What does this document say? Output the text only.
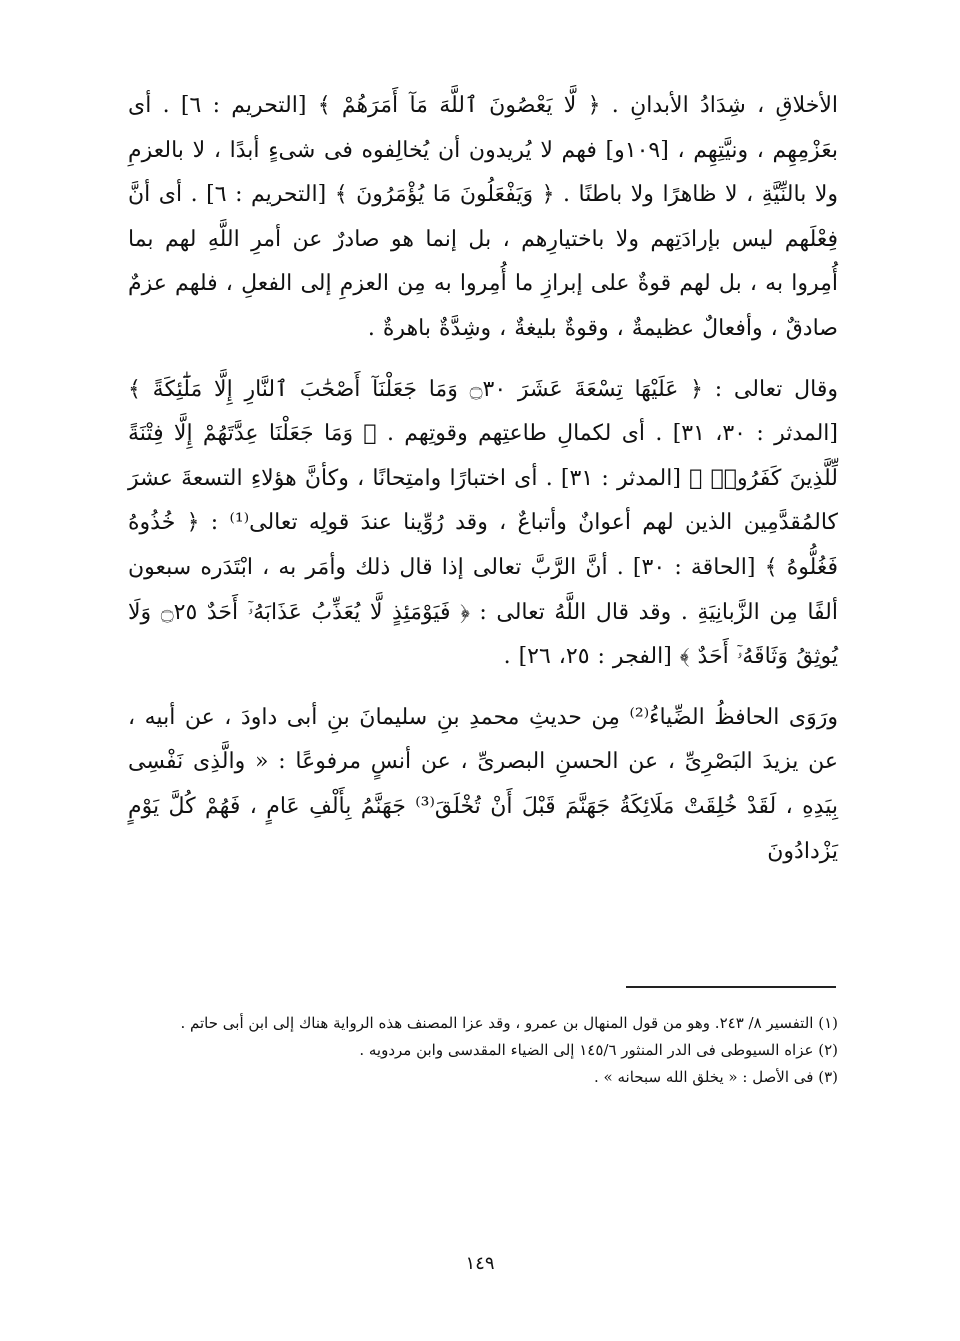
الأخلاقِ ، شِدَادُ الأبدانِ . ﴿ لَّا يَعْصُونَ ٱللَّهَ مَآ أَمَرَهُمْ ﴾ [التحريم : ٦] . أى بعَزْمِهِم ، ونيَّتِهِم ، [١٠٩و] فهم لا يُريدون أن يُخالِفوه فى شىءٍ أبدًا ، لا بالعزمِ ولا بالنِّيَّةِ ، لا ظاهرًا ولا باطنًا . ﴿ وَيَفْعَلُونَ مَا يُؤْمَرُونَ ﴾ [التحريم : ٦] . أى أنَّ فِعْلَهم ليس بإرادَتِهم ولا باختيارِهم ، بل إنما هو صادرٌ عن أمرِ اللَّهِ لهم بما أُمِروا به ، بل لهم قوةٌ على إبرازِ ما أُمِروا به مِن العزمِ إلى الفعلِ ، فلهم عزمٌ صادقٌ ، وأفعالٌ عظيمةٌ ، وقوةٌ بليغةٌ ، وشِدَّةٌ باهرةٌ .

وقال تعالى : ﴿ عَلَيْهَا تِسْعَةَ عَشَرَ ۝٣٠ وَمَا جَعَلْنَآ أَصْحَٰبَ ٱلنَّارِ إِلَّا مَلَٰٓئِكَةً ﴾ [المدثر : ٣٠، ٣١] . أى لكمالِ طاعتِهم وقوتِهم . ﴿ وَمَا جَعَلْنَا عِدَّتَهُمْ إِلَّا فِتْنَةً لِّلَّذِينَ كَفَرُوا۟ ﴾ [المدثر : ٣١] . أى اختبارًا وامتِحانًا ، وكأنَّ هؤلاءِ التسعةَ عشرَ كالمُقدَّمِين الذين لهم أعوانٌ وأتباعٌ ، وقد رُوِّينا عندَ قولِه تعالى⁽¹⁾ : ﴿ خُذُوهُ فَغُلُّوهُ ﴾ [الحاقة : ٣٠] . أنَّ الرَّبَّ تعالى إذا قال ذلك وأمَر به ، ابْتَدَره سبعون ألفًا مِن الزَّبانِيَةِ . وقد قال اللَّهُ تعالى : ﴿ فَيَوْمَئِذٍ لَّا يُعَذِّبُ عَذَابَهُۥٓ أَحَدٌ ۝٢٥ وَلَا يُوثِقُ وَثَاقَهُۥٓ أَحَدٌ ﴾ [الفجر : ٢٥، ٢٦] .

ورَوَى الحافظُ الضِّياءُ⁽²⁾ مِن حديثِ محمدِ بنِ سليمانَ بنِ أبى داودَ ، عن أبيه ، عن يزيدَ البَصْرِىِّ ، عن الحسنِ البصرىِّ ، عن أنسٍ مرفوعًا : « والَّذِى نَفْسِى بِيَدِهِ ، لَقَدْ خُلِقَتْ مَلَائِكَةُ جَهَنَّمَ قَبْلَ أَنْ تُخْلَقَ⁽³⁾ جَهَنَّمُ بِأَلْفِ عَامٍ ، فَهُمْ كُلَّ يَوْمٍ يَزْدادُونَ

(١) التفسير ٨/ ٢٤٣. وهو من قول المنهال بن عمرو ، وقد عزا المصنف هذه الرواية هناك إلى ابن أبى حاتم .

(٢) عزاه السيوطى فى الدر المنثور ١٤٥/٦ إلى الضياء المقدسى وابن مردويه .

(٣) فى الأصل : « يخلق الله سبحانه » .

١٤٩
